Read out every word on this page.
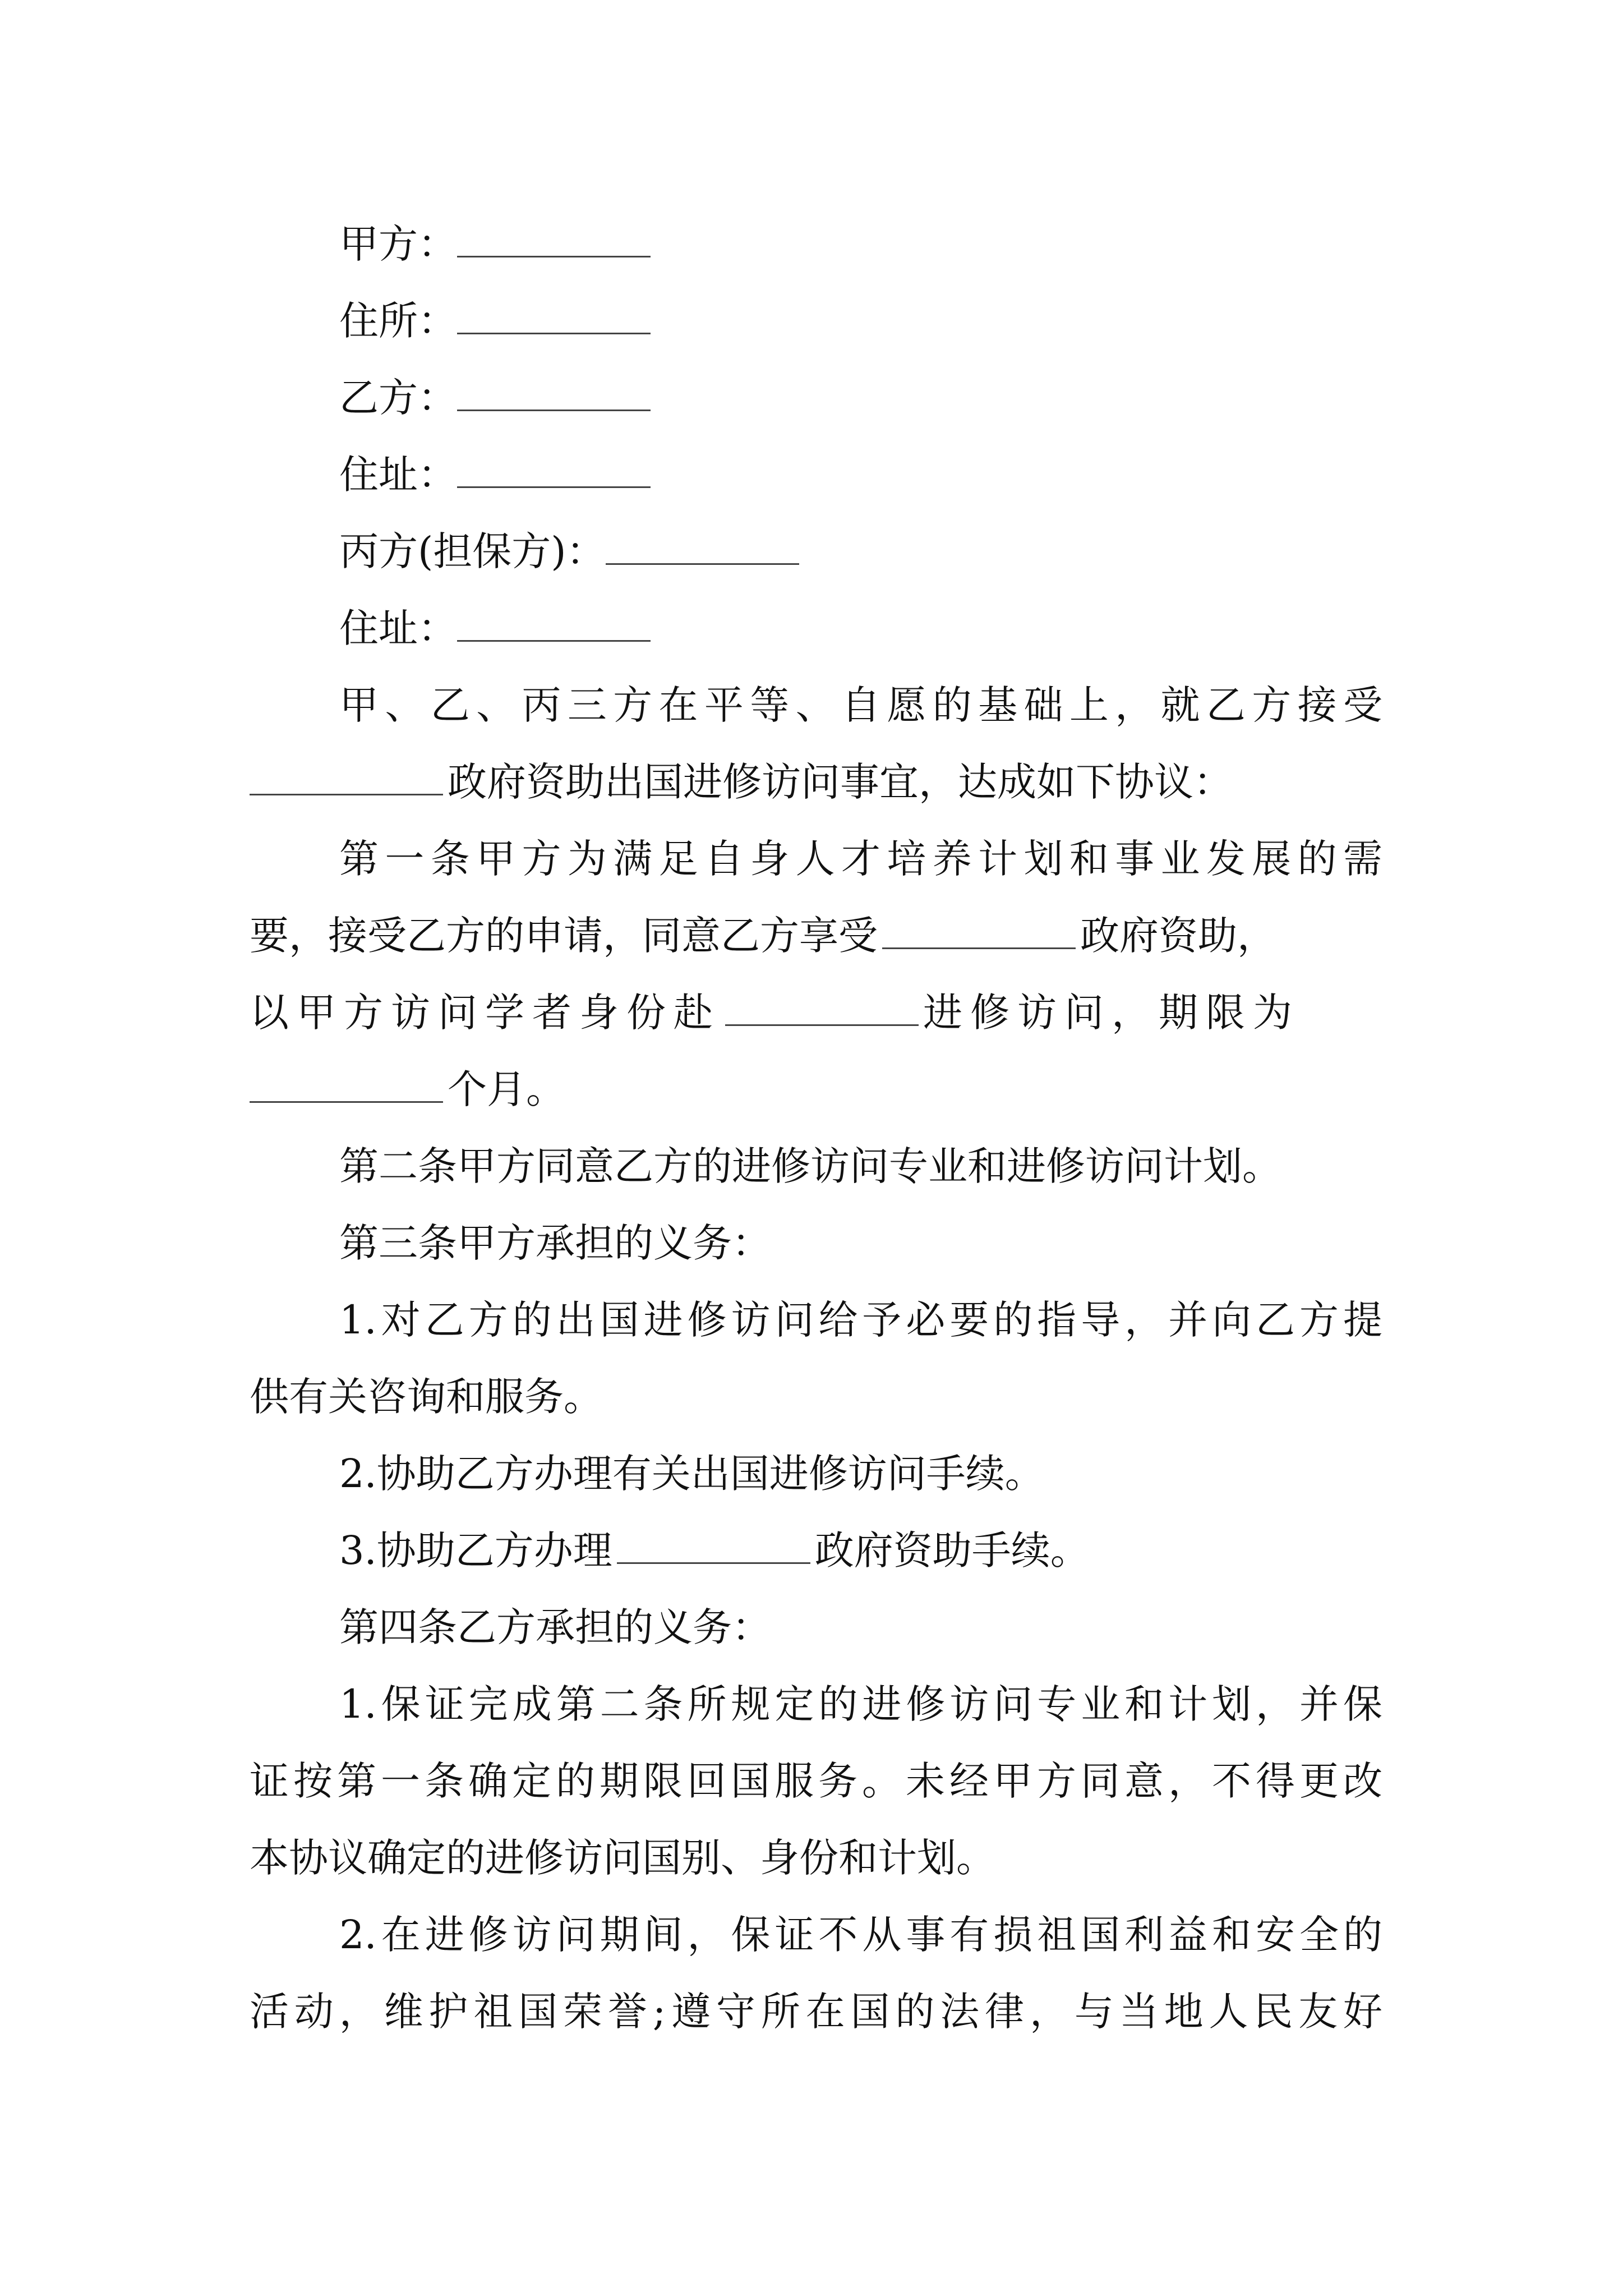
甲方：
住所：
乙方：
住址：
丙方(担保方)：
住址：
甲、乙、丙三方在平等、自愿的基础上，就乙方接受
政府资助出国进修访问事宜，达成如下协议：
第一条甲方为满足自身人才培养计划和事业发展的需
要，接受乙方的申请，同意乙方享受	政府资助，
以甲方访问学者身份赴	进修访问，期限为
个月。
第二条甲方同意乙方的进修访问专业和进修访问计划。
第三条甲方承担的义务：
1.对乙方的出国进修访问给予必要的指导，并向乙方提
供有关咨询和服务。
2.协助乙方办理有关出国进修访问手续。
3.协助乙方办理	政府资助手续。
第四条乙方承担的义务：
1.保证完成第二条所规定的进修访问专业和计划，并保
证按第一条确定的期限回国服务。未经甲方同意，不得更改
本协议确定的进修访问国别、身份和计划。
2.在进修访问期间，保证不从事有损祖国利益和安全的
活动，维护祖国荣誉;遵守所在国的法律，与当地人民友好
